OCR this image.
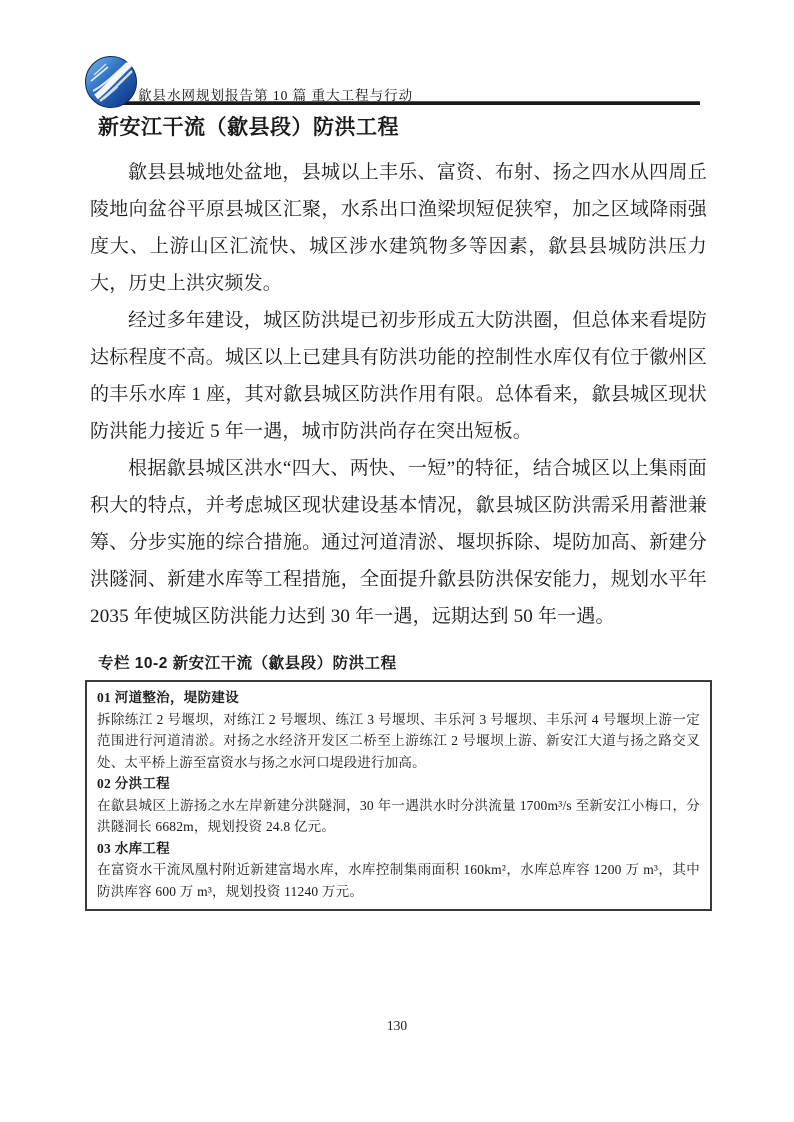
歙县水网规划报告第 10 篇 重大工程与行动
新安江干流（歙县段）防洪工程

歙县县城地处盆地，县城以上丰乐、富资、布射、扬之四水从四周丘陵地向盆谷平原县城区汇聚，水系出口渔梁坝短促狭窄，加之区域降雨强度大、上游山区汇流快、城区涉水建筑物多等因素，歙县县城防洪压力大，历史上洪灾频发。

经过多年建设，城区防洪堤已初步形成五大防洪圈，但总体来看堤防达标程度不高。城区以上已建具有防洪功能的控制性水库仅有位于徽州区的丰乐水库 1 座，其对歙县城区防洪作用有限。总体看来，歙县城区现状防洪能力接近 5 年一遇，城市防洪尚存在突出短板。

根据歙县城区洪水“四大、两快、一短”的特征，结合城区以上集雨面积大的特点，并考虑城区现状建设基本情况，歙县城区防洪需采用蓄泄兼筹、分步实施的综合措施。通过河道清淤、堰坝拆除、堤防加高、新建分洪隧洞、新建水库等工程措施，全面提升歙县防洪保安能力，规划水平年 2035 年使城区防洪能力达到 30 年一遇，远期达到 50 年一遇。

专栏 10-2 新安江干流（歙县段）防洪工程
01 河道整治，堤防建设
拆除练江 2 号堰坝，对练江 2 号堰坝、练江 3 号堰坝、丰乐河 3 号堰坝、丰乐河 4 号堰坝上游一定范围进行河道清淤。对扬之水经济开发区二桥至上游练江 2 号堰坝上游、新安江大道与扬之路交叉处、太平桥上游至富资水与扬之水河口堤段进行加高。
02 分洪工程
在歙县城区上游扬之水左岸新建分洪隧洞，30 年一遇洪水时分洪流量 1700m³/s 至新安江小梅口，分洪隧洞长 6682m，规划投资 24.8 亿元。
03 水库工程
在富资水干流凤凰村附近新建富堨水库，水库控制集雨面积 160km²，水库总库容 1200 万 m³，其中防洪库容 600 万 m³，规划投资 11240 万元。
130
